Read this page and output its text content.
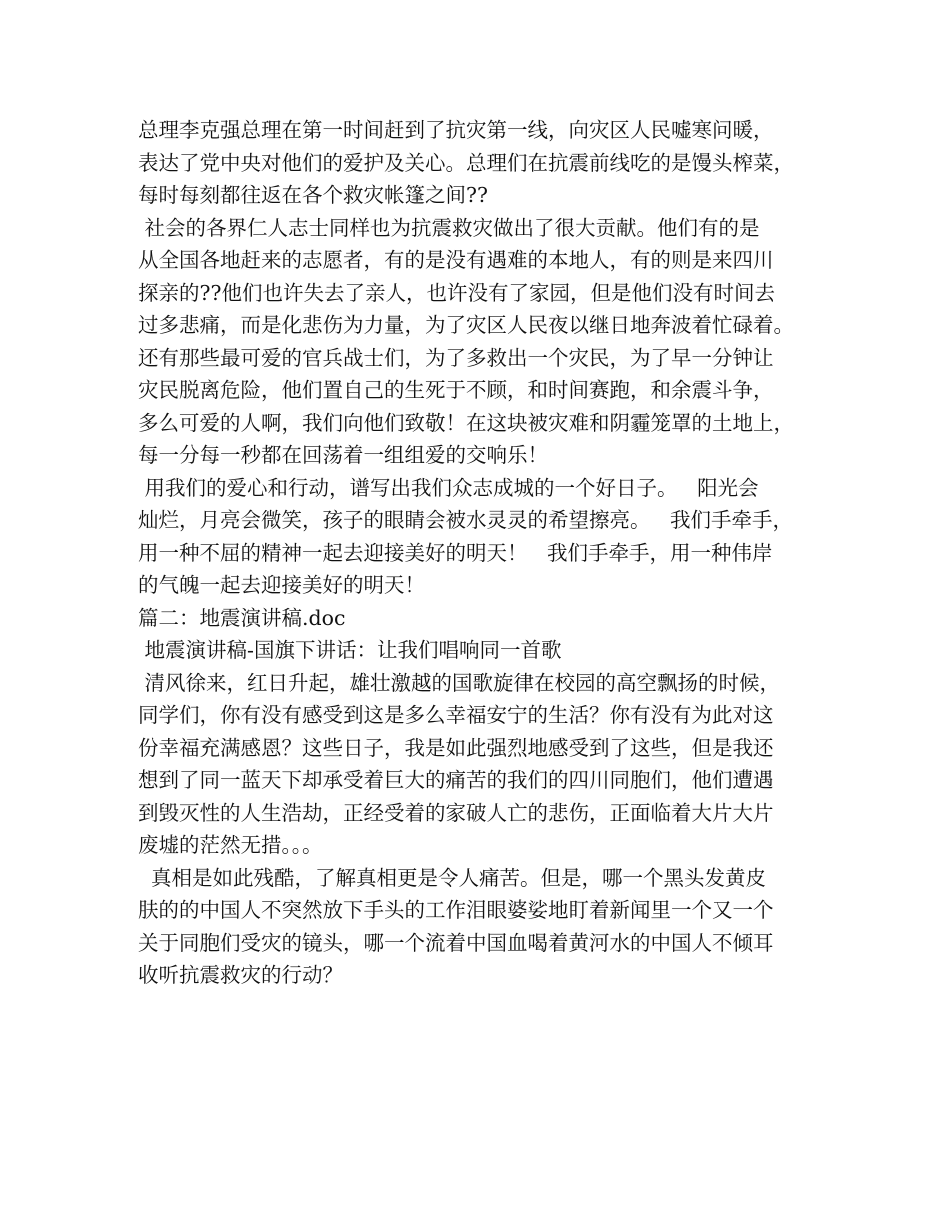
总理李克强总理在第一时间赶到了抗灾第一线，向灾区人民嘘寒问暖，
表达了党中央对他们的爱护及关心。总理们在抗震前线吃的是馒头榨菜，
每时每刻都往返在各个救灾帐篷之间??
社会的各界仁人志士同样也为抗震救灾做出了很大贡献。他们有的是
从全国各地赶来的志愿者，有的是没有遇难的本地人，有的则是来四川
探亲的??他们也许失去了亲人，也许没有了家园，但是他们没有时间去
过多悲痛，而是化悲伤为力量，为了灾区人民夜以继日地奔波着忙碌着。
还有那些最可爱的官兵战士们，为了多救出一个灾民，为了早一分钟让
灾民脱离危险，他们置自己的生死于不顾，和时间赛跑，和余震斗争，
多么可爱的人啊，我们向他们致敬！在这块被灾难和阴霾笼罩的土地上，
每一分每一秒都在回荡着一组组爱的交响乐！
用我们的爱心和行动，谱写出我们众志成城的一个好日子。   阳光会
灿烂，月亮会微笑，孩子的眼睛会被水灵灵的希望擦亮。   我们手牵手，
用一种不屈的精神一起去迎接美好的明天！   我们手牵手，用一种伟岸
的气魄一起去迎接美好的明天！
篇二：地震演讲稿.doc
地震演讲稿-国旗下讲话：让我们唱响同一首歌
清风徐来，红日升起，雄壮激越的国歌旋律在校园的高空飘扬的时候，
同学们，你有没有感受到这是多么幸福安宁的生活？你有没有为此对这
份幸福充满感恩？这些日子，我是如此强烈地感受到了这些，但是我还
想到了同一蓝天下却承受着巨大的痛苦的我们的四川同胞们，他们遭遇
到毁灭性的人生浩劫，正经受着的家破人亡的悲伤，正面临着大片大片
废墟的茫然无措。。。
真相是如此残酷，了解真相更是令人痛苦。但是，哪一个黑头发黄皮
肤的的中国人不突然放下手头的工作泪眼婆娑地盯着新闻里一个又一个
关于同胞们受灾的镜头，哪一个流着中国血喝着黄河水的中国人不倾耳
收听抗震救灾的行动？
